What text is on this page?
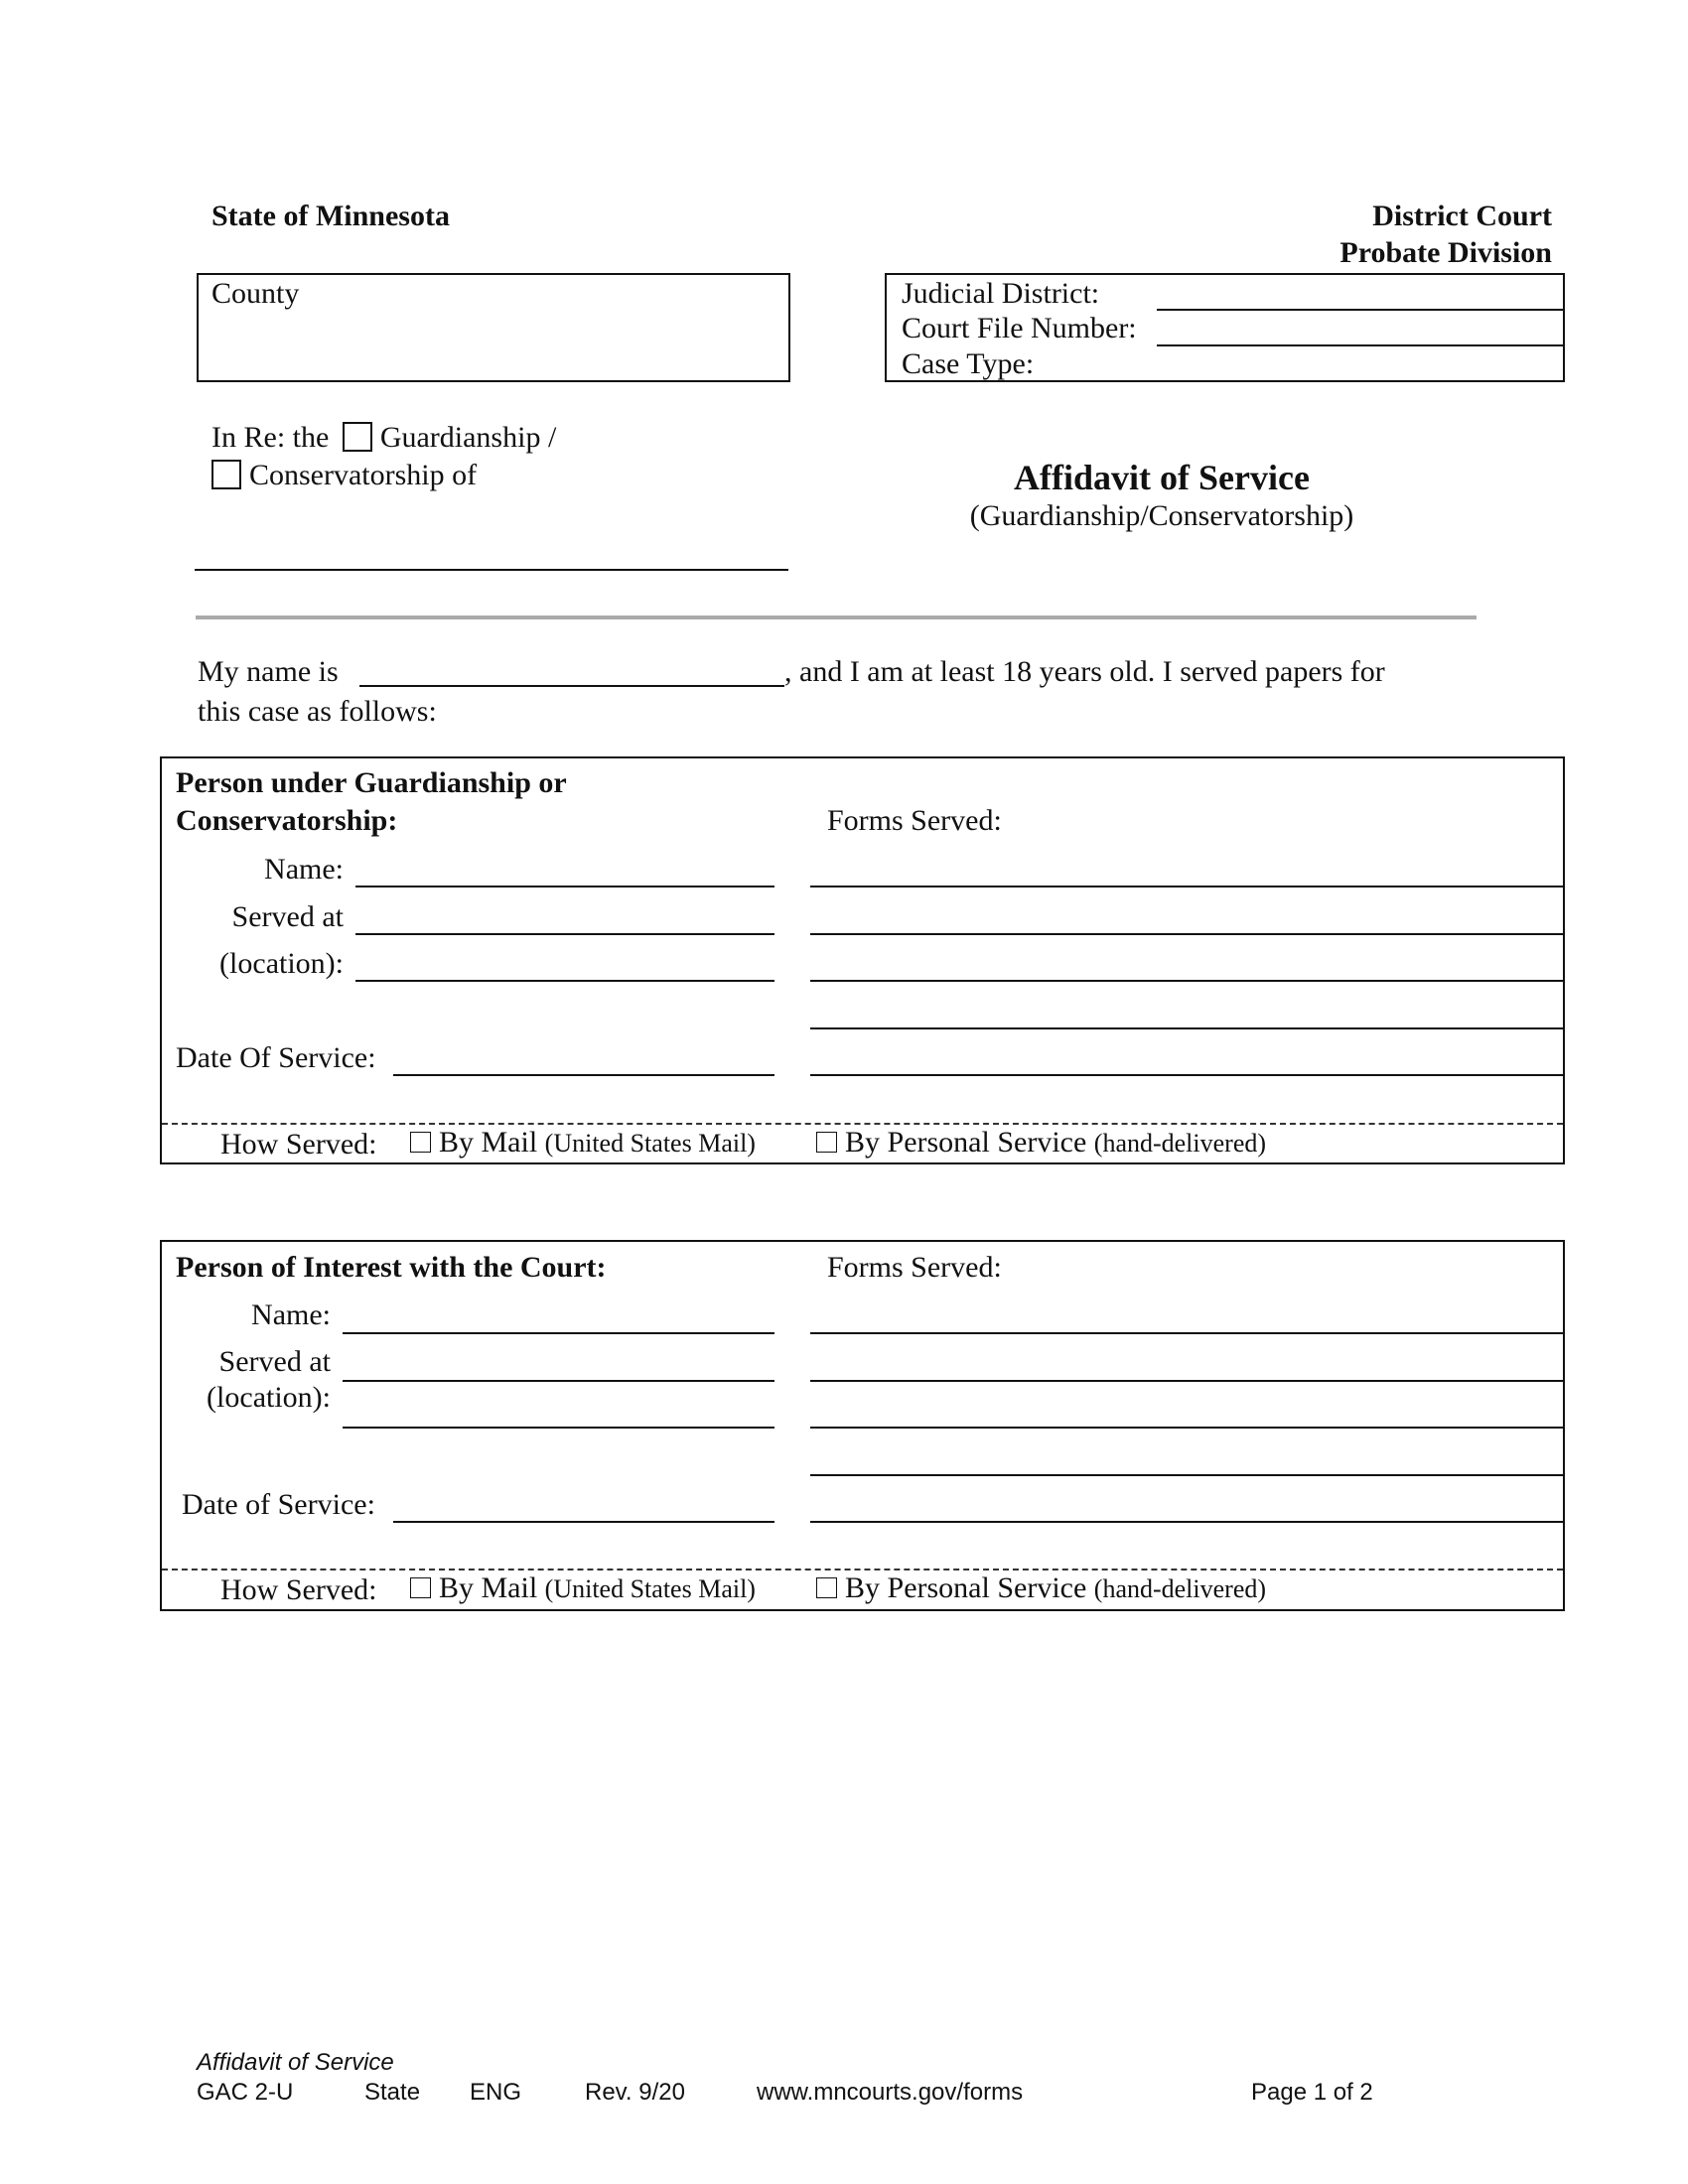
State of Minnesota	District Court
Probate Division
County	Judicial District:
Court File Number:
Case Type:
In Re: the Guardianship /
Conservatorship of	Affidavit of Service
(Guardianship/Conservatorship)
My name is	, and I am at least 18 years old. I served papers for
this case as follows:
Person under Guardianship or
Conservatorship:	Forms Served:
Name:
Served at
(location):
Date Of Service:
How Served:	By Mail (United States Mail)	By Personal Service (hand-delivered)
Person of Interest with the Court:	Forms Served:
Name:
Served at
(location):
Date of Service:
How Served:	By Mail (United States Mail)	By Personal Service (hand-delivered)
Affidavit of Service
GAC 2-U	State ENG	Rev. 9/20	www.mncourts.gov/forms	Page 1 of 2
